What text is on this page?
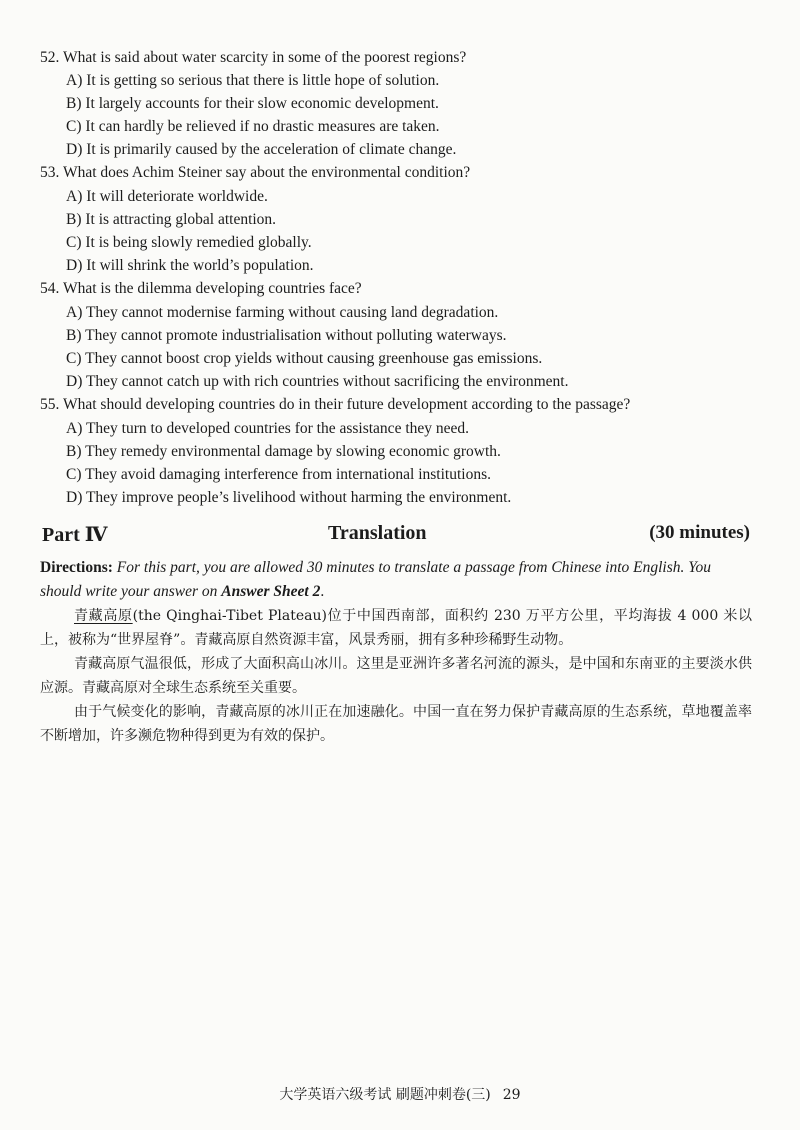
52. What is said about water scarcity in some of the poorest regions?
A) It is getting so serious that there is little hope of solution.
B) It largely accounts for their slow economic development.
C) It can hardly be relieved if no drastic measures are taken.
D) It is primarily caused by the acceleration of climate change.
53. What does Achim Steiner say about the environmental condition?
A) It will deteriorate worldwide.
B) It is attracting global attention.
C) It is being slowly remedied globally.
D) It will shrink the world’s population.
54. What is the dilemma developing countries face?
A) They cannot modernise farming without causing land degradation.
B) They cannot promote industrialisation without polluting waterways.
C) They cannot boost crop yields without causing greenhouse gas emissions.
D) They cannot catch up with rich countries without sacrificing the environment.
55. What should developing countries do in their future development according to the passage?
A) They turn to developed countries for the assistance they need.
B) They remedy environmental damage by slowing economic growth.
C) They avoid damaging interference from international institutions.
D) They improve people’s livelihood without harming the environment.
Part Ⅳ	Translation	(30 minutes)
Directions: For this part, you are allowed 30 minutes to translate a passage from Chinese into English. You should write your answer on Answer Sheet 2.
青藏高原(the Qinghai-Tibet Plateau)位于中国西南部，面积约 230 万平方公里，平均海拔 4 000 米以上，被称为“世界屋脊”。青藏高原自然资源丰富，风景秀丽，拥有多种珍稀野生动物。
青藏高原气温很低，形成了大面积高山冰川。这里是亚洲许多著名河流的源头，是中国和东南亚的主要淡水供应源。青藏高原对全球生态系统至关重要。
由于气候变化的影响，青藏高原的冰川正在加速融化。中国一直在努力保护青藏高原的生态系统，草地覆盖率不断增加，许多濒危物种得到更为有效的保护。
大学英语六级考试 刷题冲刺卷(三) 29
